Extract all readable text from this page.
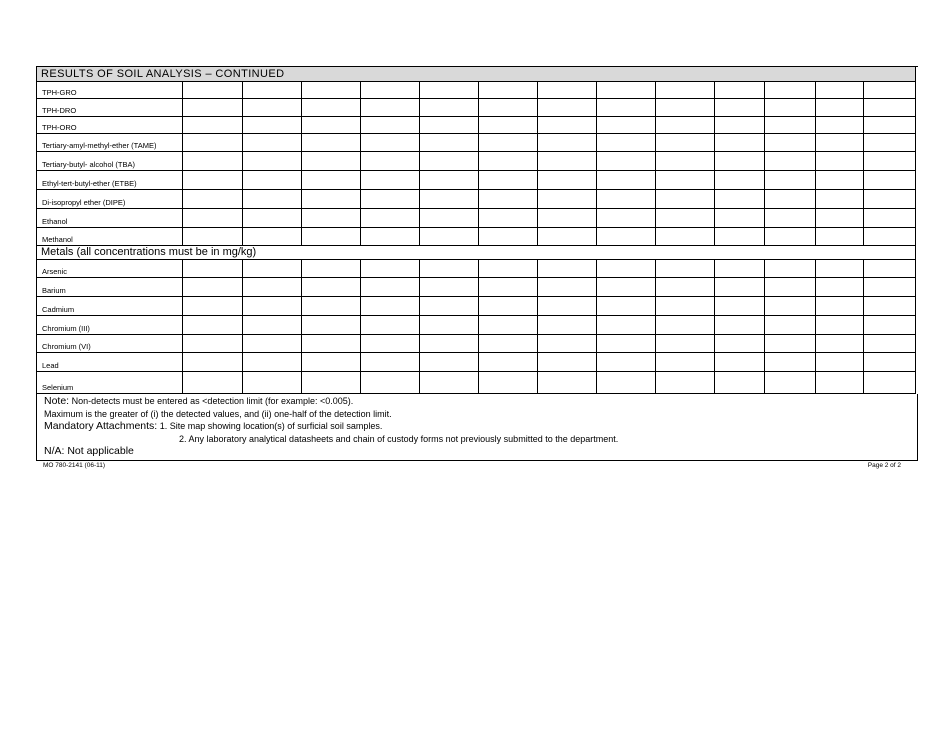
RESULTS OF SOIL ANALYSIS – CONTINUED
TPH-GRO
TPH-DRO
TPH-ORO
Tertiary-amyl-methyl-ether (TAME)
Tertiary-butyl- alcohol (TBA)
Ethyl-tert-butyl-ether (ETBE)
Di-isopropyl ether (DIPE)
Ethanol
Methanol
Metals (all concentrations must be in mg/kg)
Arsenic
Barium
Cadmium
Chromium (III)
Chromium (VI)
Lead
Selenium
Note: Non-detects must be entered as <detection limit (for example: <0.005).
Maximum is the greater of (i) the detected values, and (ii) one-half of the detection limit.
Mandatory Attachments: 1. Site map showing location(s) of surficial soil samples.
2. Any laboratory analytical datasheets and chain of custody forms not previously submitted to the department.
N/A: Not applicable
MO 780-2141 (06-11)	Page 2 of 2
